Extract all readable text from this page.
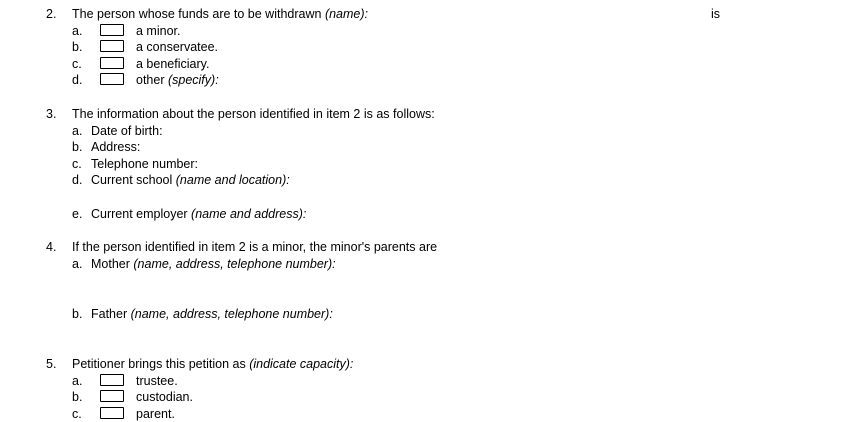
2. The person whose funds are to be withdrawn (name):	is
a.	a minor.
b.	a conservatee.
c.	a beneficiary.
d.	other (specify):
3. The information about the person identified in item 2 is as follows:
a. Date of birth:
b. Address:
c. Telephone number:
d. Current school (name and location):
e. Current employer (name and address):
4. If the person identified in item 2 is a minor, the minor's parents are
a. Mother (name, address, telephone number):
b. Father (name, address, telephone number):
5. Petitioner brings this petition as (indicate capacity):
a.	trustee.
b.	custodian.
c.	parent.
